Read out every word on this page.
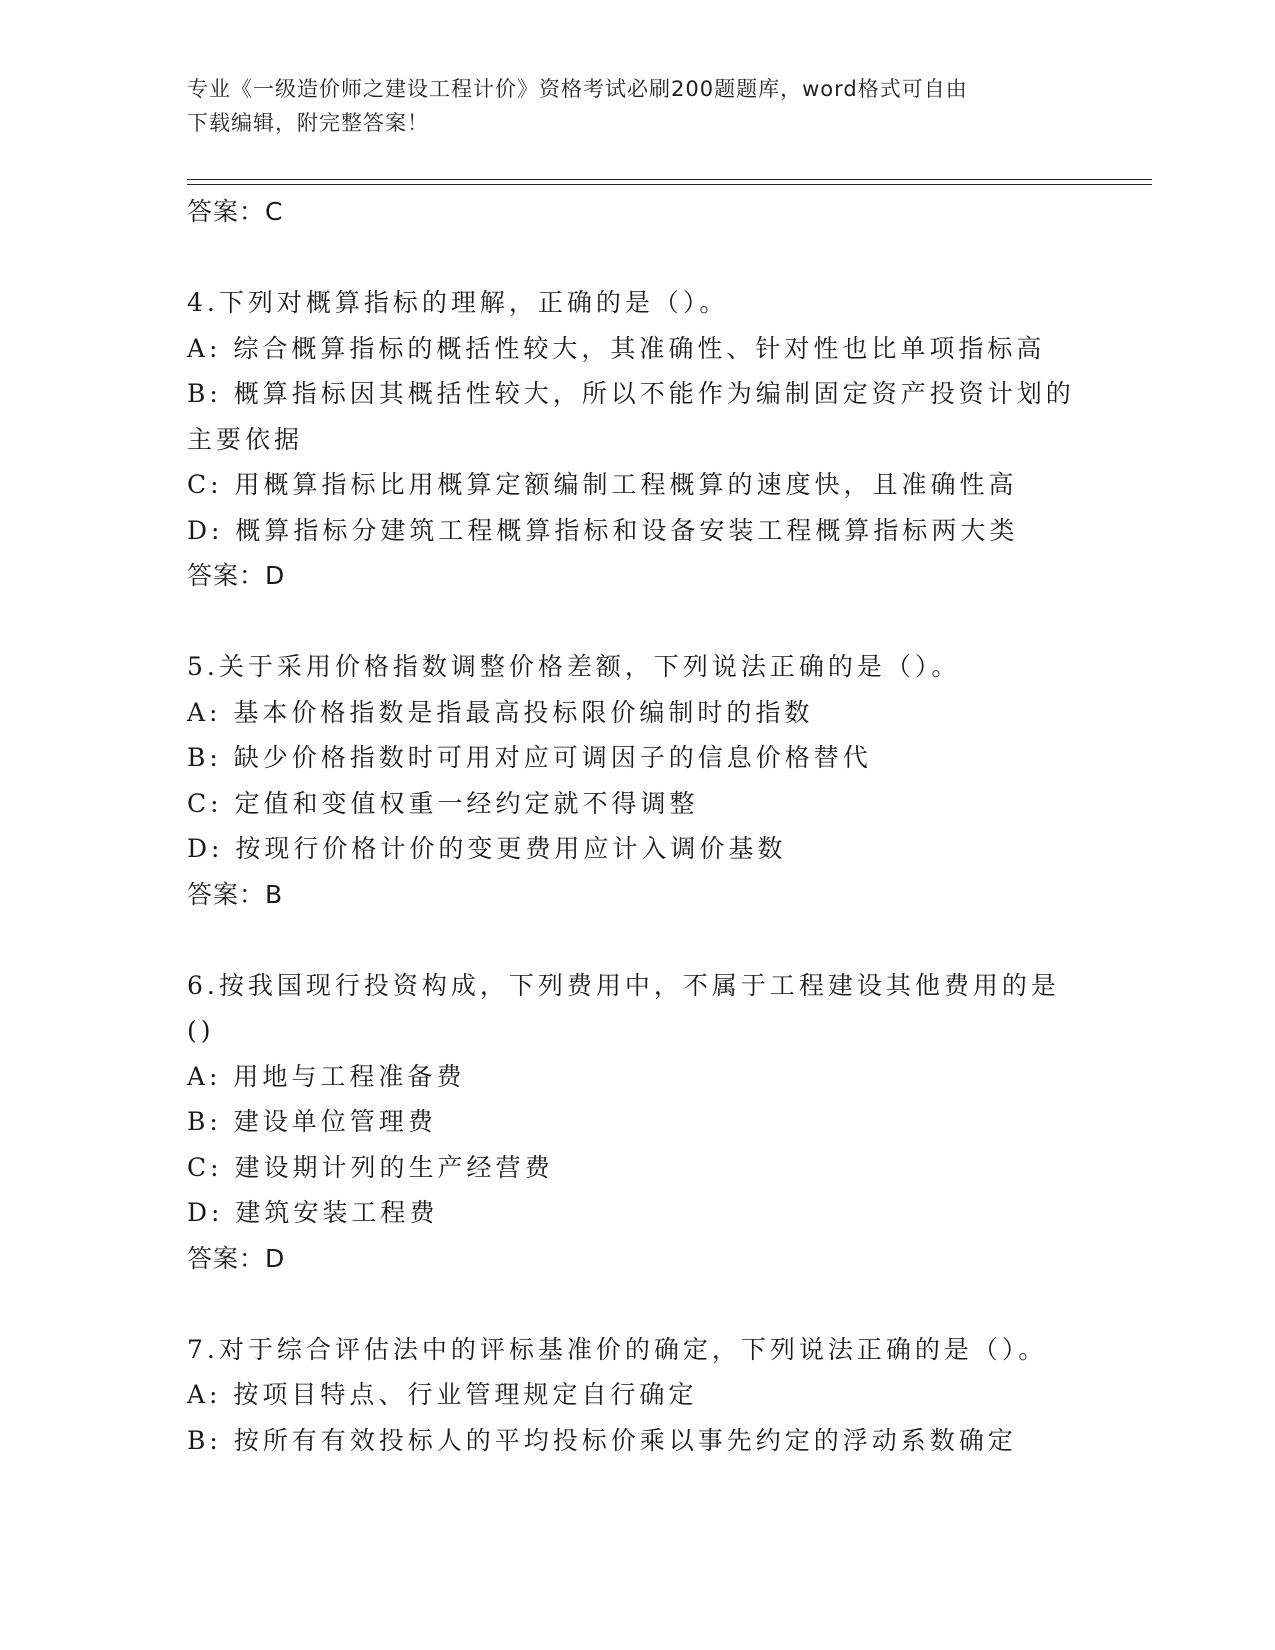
专业《一级造价师之建设工程计价》资格考试必刷200题题库，word格式可自由
下载编辑，附完整答案！
答案：C
4.下列对概算指标的理解，正确的是（）。
A: 综合概算指标的概括性较大，其准确性、针对性也比单项指标高
B: 概算指标因其概括性较大，所以不能作为编制固定资产投资计划的
主要依据
C: 用概算指标比用概算定额编制工程概算的速度快，且准确性高
D: 概算指标分建筑工程概算指标和设备安装工程概算指标两大类
答案：D
5.关于采用价格指数调整价格差额，下列说法正确的是（）。
A: 基本价格指数是指最高投标限价编制时的指数
B: 缺少价格指数时可用对应可调因子的信息价格替代
C: 定值和变值权重一经约定就不得调整
D: 按现行价格计价的变更费用应计入调价基数
答案：B
6.按我国现行投资构成，下列费用中，不属于工程建设其他费用的是
()
A: 用地与工程准备费
B: 建设单位管理费
C: 建设期计列的生产经营费
D: 建筑安装工程费
答案：D
7.对于综合评估法中的评标基准价的确定，下列说法正确的是（）。
A: 按项目特点、行业管理规定自行确定
B: 按所有有效投标人的平均投标价乘以事先约定的浮动系数确定
